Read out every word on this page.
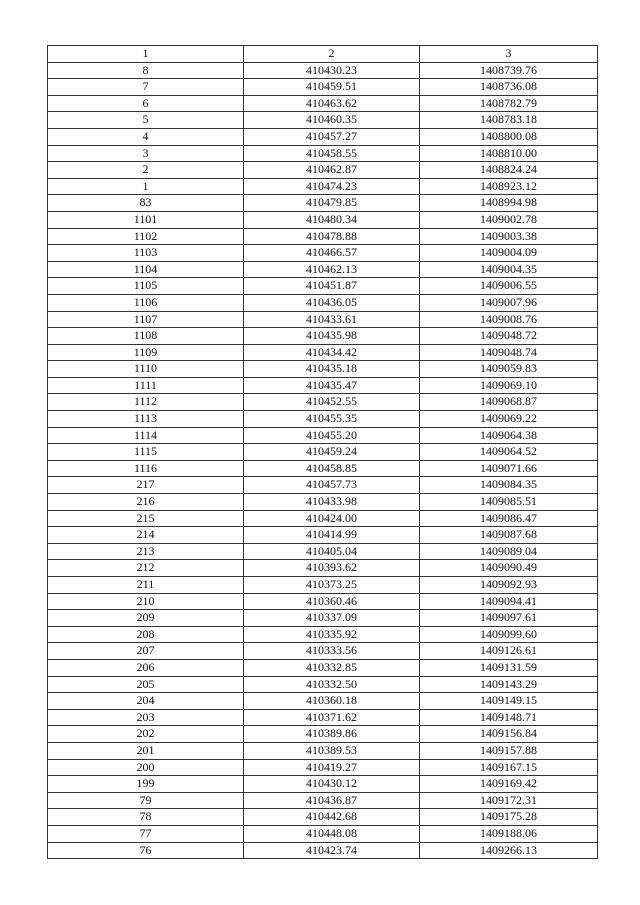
1	2	3
8	410430.23	1408739.76
7	410459.51	1408736.08
6	410463.62	1408782.79
5	410460.35	1408783.18
4	410457.27	1408800.08
3	410458.55	1408810.00
2	410462.87	1408824.24
1	410474.23	1408923.12
83	410479.85	1408994.98
1101	410480.34	1409002.78
1102	410478.88	1409003.38
1103	410466.57	1409004.09
1104	410462.13	1409004.35
1105	410451.87	1409006.55
1106	410436.05	1409007.96
1107	410433.61	1409008.76
1108	410435.98	1409048.72
1109	410434.42	1409048.74
1110	410435.18	1409059.83
1111	410435.47	1409069.10
1112	410452.55	1409068.87
1113	410455.35	1409069.22
1114	410455.20	1409064.38
1115	410459.24	1409064.52
1116	410458.85	1409071.66
217	410457.73	1409084.35
216	410433.98	1409085.51
215	410424.00	1409086.47
214	410414.99	1409087.68
213	410405.04	1409089.04
212	410393.62	1409090.49
211	410373.25	1409092.93
210	410360.46	1409094.41
209	410337.09	1409097.61
208	410335.92	1409099.60
207	410333.56	1409126.61
206	410332.85	1409131.59
205	410332.50	1409143.29
204	410360.18	1409149.15
203	410371.62	1409148.71
202	410389.86	1409156.84
201	410389.53	1409157.88
200	410419.27	1409167.15
199	410430.12	1409169.42
79	410436.87	1409172.31
78	410442.68	1409175.28
77	410448.08	1409188.06
76	410423.74	1409266.13
